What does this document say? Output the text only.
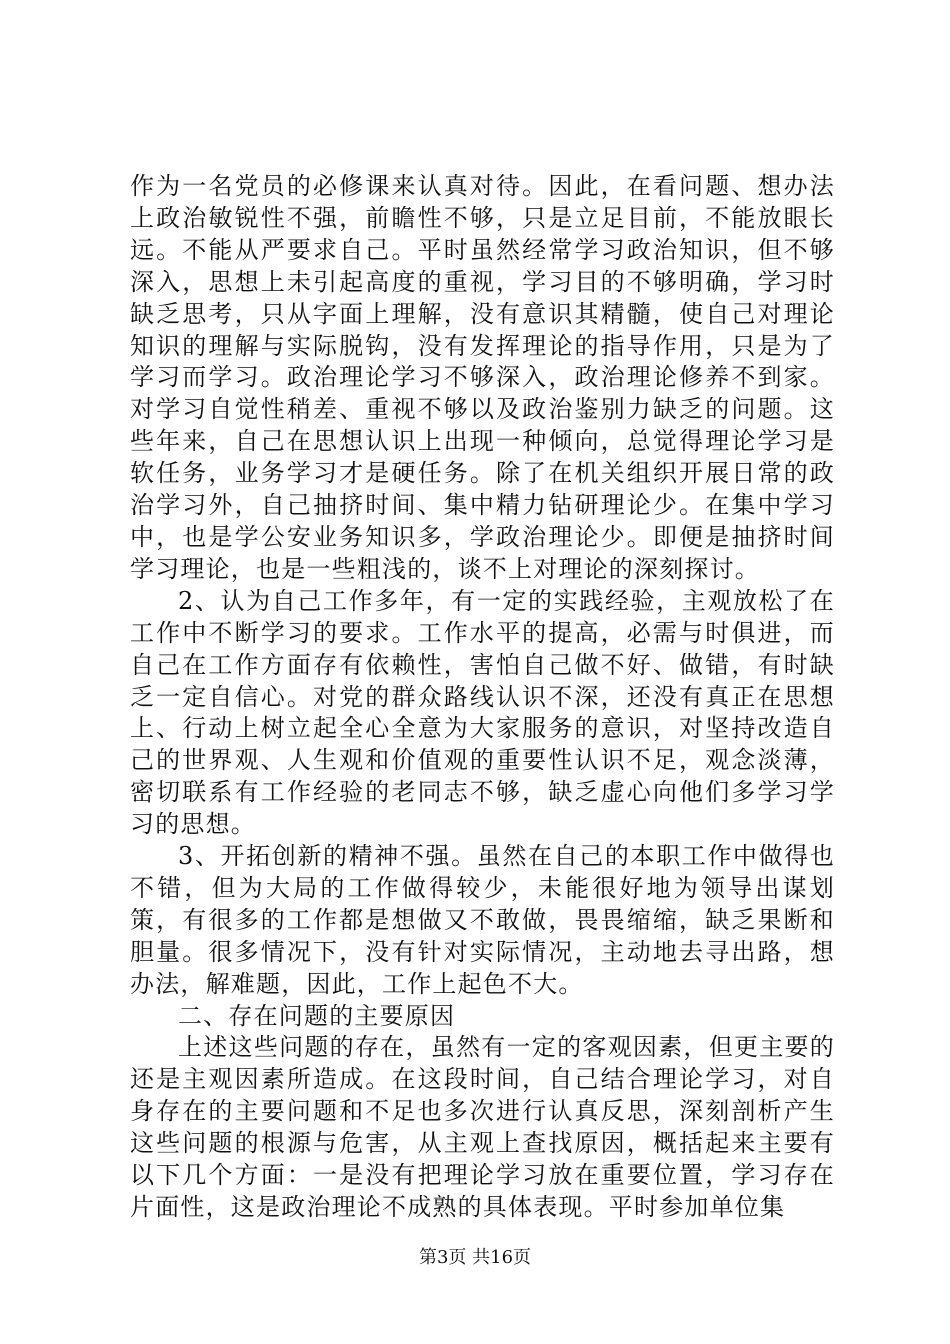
作为一名党员的必修课来认真对待。因此，在看问题、想办法上政治敏锐性不强，前瞻性不够，只是立足目前，不能放眼长远。不能从严要求自己。平时虽然经常学习政治知识，但不够深入，思想上未引起高度的重视，学习目的不够明确，学习时缺乏思考，只从字面上理解，没有意识其精髓，使自己对理论知识的理解与实际脱钩，没有发挥理论的指导作用，只是为了学习而学习。政治理论学习不够深入，政治理论修养不到家。对学习自觉性稍差、重视不够以及政治鉴别力缺乏的问题。这些年来，自己在思想认识上出现一种倾向，总觉得理论学习是软任务，业务学习才是硬任务。除了在机关组织开展日常的政治学习外，自己抽挤时间、集中精力钻研理论少。在集中学习中，也是学公安业务知识多，学政治理论少。即便是抽挤时间学习理论，也是一些粗浅的，谈不上对理论的深刻探讨。

2、认为自己工作多年，有一定的实践经验，主观放松了在工作中不断学习的要求。工作水平的提高，必需与时俱进，而自己在工作方面存有依赖性，害怕自己做不好、做错，有时缺乏一定自信心。对党的群众路线认识不深，还没有真正在思想上、行动上树立起全心全意为大家服务的意识，对坚持改造自己的世界观、人生观和价值观的重要性认识不足，观念淡薄，密切联系有工作经验的老同志不够，缺乏虚心向他们多学习学习的思想。

3、开拓创新的精神不强。虽然在自己的本职工作中做得也不错，但为大局的工作做得较少，未能很好地为领导出谋划策，有很多的工作都是想做又不敢做，畏畏缩缩，缺乏果断和胆量。很多情况下，没有针对实际情况，主动地去寻出路，想办法，解难题，因此，工作上起色不大。

二、存在问题的主要原因

上述这些问题的存在，虽然有一定的客观因素，但更主要的还是主观因素所造成。在这段时间，自己结合理论学习，对自身存在的主要问题和不足也多次进行认真反思，深刻剖析产生这些问题的根源与危害，从主观上查找原因，概括起来主要有以下几个方面：一是没有把理论学习放在重要位置，学习存在片面性，这是政治理论不成熟的具体表现。平时参加单位集

第3页 共16页
